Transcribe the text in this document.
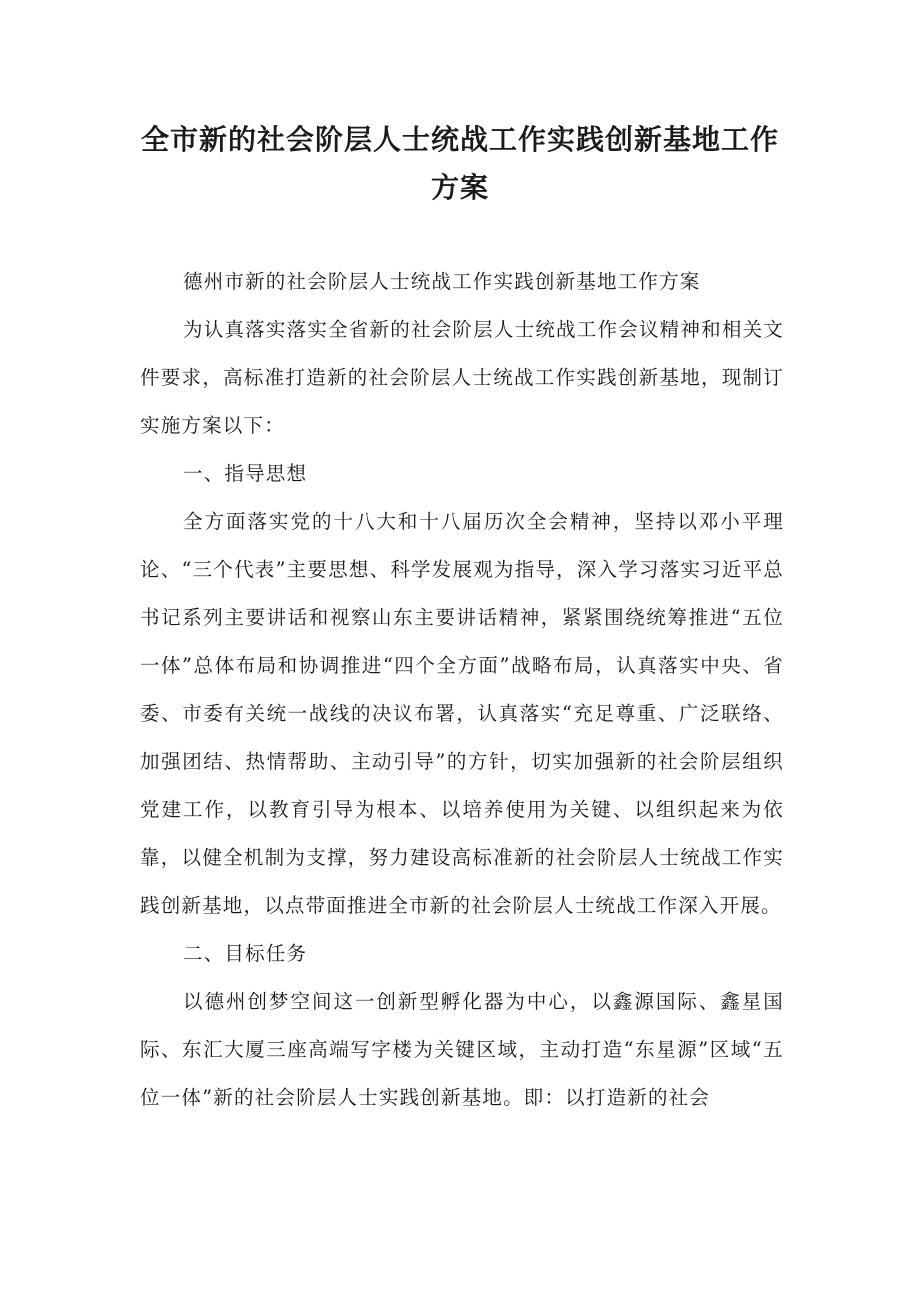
全市新的社会阶层人士统战工作实践创新基地工作
方案

德州市新的社会阶层人士统战工作实践创新基地工作方案

为认真落实落实全省新的社会阶层人士统战工作会议精神和相关文件要求，高标准打造新的社会阶层人士统战工作实践创新基地，现制订实施方案以下：

一、指导思想

全方面落实党的十八大和十八届历次全会精神，坚持以邓小平理论、“三个代表”主要思想、科学发展观为指导，深入学习落实习近平总书记系列主要讲话和视察山东主要讲话精神，紧紧围绕统筹推进“五位一体”总体布局和协调推进“四个全方面”战略布局，认真落实中央、省委、市委有关统一战线的决议布署，认真落实“充足尊重、广泛联络、加强团结、热情帮助、主动引导”的方针，切实加强新的社会阶层组织党建工作，以教育引导为根本、以培养使用为关键、以组织起来为依靠，以健全机制为支撑，努力建设高标准新的社会阶层人士统战工作实践创新基地，以点带面推进全市新的社会阶层人士统战工作深入开展。

二、目标任务

以德州创梦空间这一创新型孵化器为中心，以鑫源国际、鑫星国际、东汇大厦三座高端写字楼为关键区域，主动打造“东星源”区域“五位一体”新的社会阶层人士实践创新基地。即：以打造新的社会
